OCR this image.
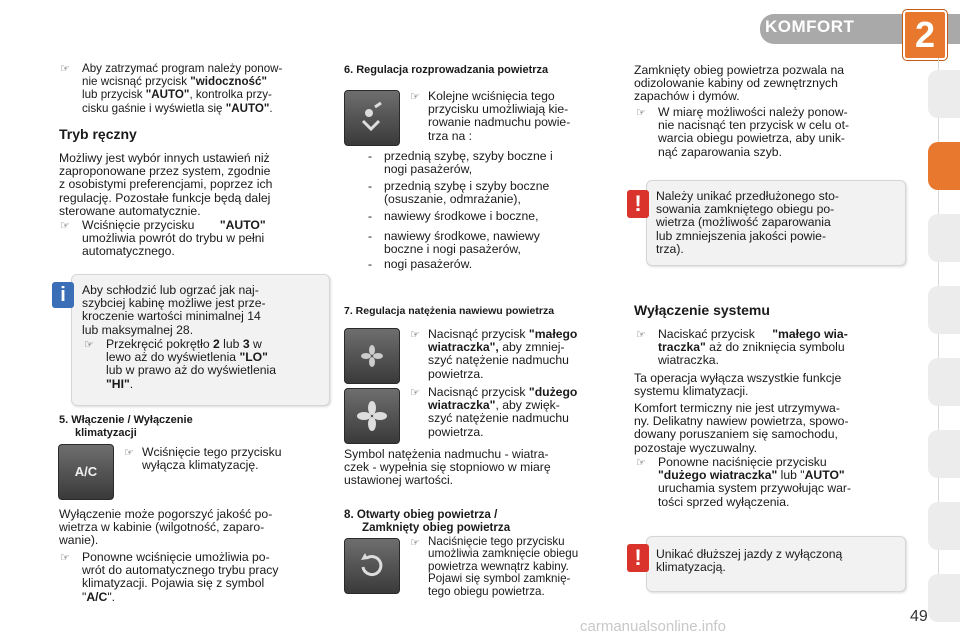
KOMFORT	2
☞ Aby zatrzymać program należy ponow-
nie wcisnąć przycisk "widoczność"
lub przycisk "AUTO", kontrolka przy-
cisku gaśnie i wyświetla się "AUTO".
Tryb ręczny
Możliwy jest wybór innych ustawień niż
zaproponowane przez system, zgodnie
z osobistymi preferencjami, poprzez ich
regulację. Pozostałe funkcje będą dalej
sterowane automatycznie.
☞ Wciśnięcie przycisku "AUTO"
umożliwia powrót do trybu w pełni
automatycznego.
i	Aby schłodzić lub ogrzać jak naj-
szybciej kabinę możliwe jest prze-
kroczenie wartości minimalnej 14
lub maksymalnej 28.
☞ Przekręcić pokrętło 2 lub 3 w
lewo aż do wyświetlenia "LO"
lub w prawo aż do wyświetlenia
"HI".
5. Włączenie / Wyłączenie
klimatyzacji
A/C
☞ Wciśnięcie tego przycisku
wyłącza klimatyzację.
Wyłączenie może pogorszyć jakość po-
wietrza w kabinie (wilgotność, zaparo-
wanie).
☞ Ponowne wciśnięcie umożliwia po-
wrót do automatycznego trybu pracy
klimatyzacji. Pojawia się z symbol
"A/C".
6. Regulacja rozprowadzania powietrza
☞ Kolejne wciśnięcia tego
przycisku umożliwiają kie-
rowanie nadmuchu powie-
trza na :
- przednią szybę, szyby boczne i
nogi pasażerów,
- przednią szybę i szyby boczne
(osuszanie, odmrażanie),
- nawiewy środkowe i boczne,
- nawiewy środkowe, nawiewy
boczne i nogi pasażerów,
- nogi pasażerów.
7. Regulacja natężenia nawiewu powietrza
☞ Nacisnąć przycisk "małego
wiatraczka", aby zmniej-
szyć natężenie nadmuchu
powietrza.
☞ Nacisnąć przycisk "dużego
wiatraczka", aby zwięk-
szyć natężenie nadmuchu
powietrza.
Symbol natężenia nadmuchu - wiatra-
czek - wypełnia się stopniowo w miarę
ustawionej wartości.
8. Otwarty obieg powietrza /
Zamknięty obieg powietrza
☞ Naciśnięcie tego przycisku
umożliwia zamknięcie obiegu
powietrza wewnątrz kabiny.
Pojawi się symbol zamknię-
tego obiegu powietrza.
Zamknięty obieg powietrza pozwala na
odizolowanie kabiny od zewnętrznych
zapachów i dymów.
☞ W miarę możliwości należy ponow-
nie nacisnąć ten przycisk w celu ot-
warcia obiegu powietrza, aby unik-
nąć zaparowania szyb.
!	Należy unikać przedłużonego sto-
sowania zamkniętego obiegu po-
wietrza (możliwość zaparowania
lub zmniejszenia jakości powie-
trza).
Wyłączenie systemu
☞ Naciskać przycisk "małego wia-
traczka" aż do zniknięcia symbolu
wiatraczka.
Ta operacja wyłącza wszystkie funkcje
systemu klimatyzacji.
Komfort termiczny nie jest utrzymywa-
ny. Delikatny nawiew powietrza, spowo-
dowany poruszaniem się samochodu,
pozostaje wyczuwalny.
☞ Ponowne naciśnięcie przycisku
"dużego wiatraczka" lub "AUTO"
uruchamia system przywołując war-
tości sprzed wyłączenia.
!	Unikać dłuższej jazdy z wyłączoną
klimatyzacją.
49
carmanualsonline.info
